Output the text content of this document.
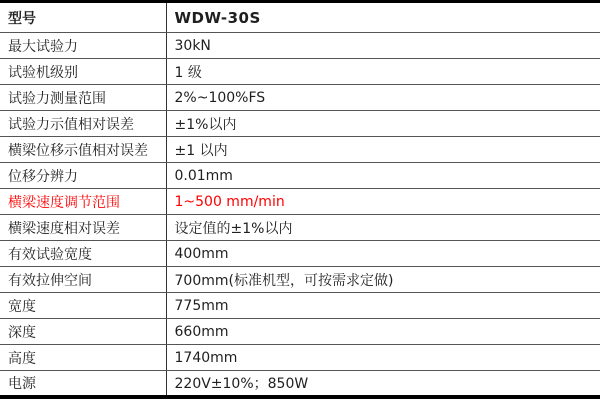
型号	WDW-30S
最大试验力	30kN
试验机级别	1 级
试验力测量范围	2%~100%FS
试验力示值相对误差	±1%以内
横梁位移示值相对误差	±1 以内
位移分辨力	0.01mm
横梁速度调节范围	1~500 mm/min
横梁速度相对误差	设定值的±1%以内
有效试验宽度	400mm
有效拉伸空间	700mm(标准机型，可按需求定做)
宽度	775mm
深度	660mm
高度	1740mm
电源	220V±10%；850W
